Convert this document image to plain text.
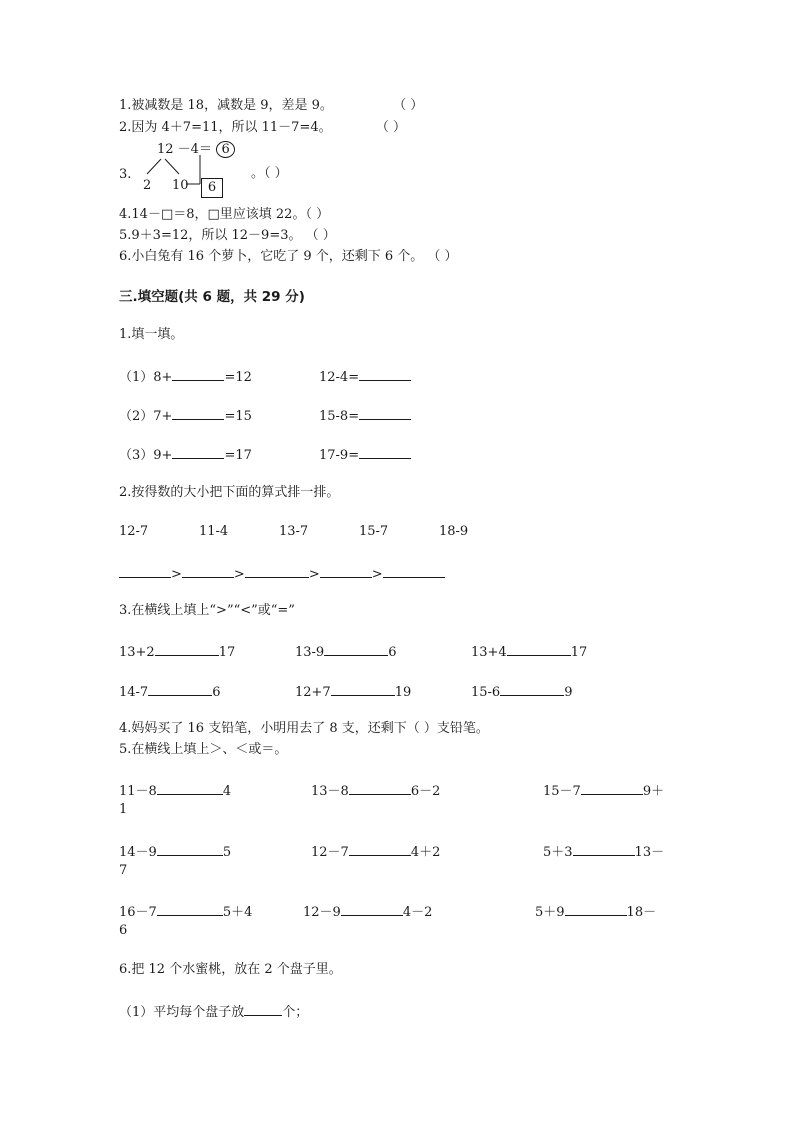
1.被减数是 18，减数是 9，差是 9。	（ ）
2.因为 4＋7=11，所以 11－7=4。	（ ）
12 －4＝ 6
3.
2 10	6
。（ ）
4.14－□＝8，□里应该填 22。（ ）
5.9＋3=12，所以 12－9=3。 （ ）
6.小白兔有 16 个萝卜，它吃了 9 个，还剩下 6 个。 （ ）
三.填空题(共 6 题，共 29 分)
1.填一填。
（1）8+	=12	12-4=
（2）7+	=15	15-8=
（3）9+	=17	17-9=
2.按得数的大小把下面的算式排一排。
12-7	11-4	13-7	15-7	18-9
>	>	>	>
3.在横线上填上“>”“<”或“=”
13+2	17	13-9	6	13+4	17
14-7	6	12+7	19	15-6	9
4.妈妈买了 16 支铅笔，小明用去了 8 支，还剩下（ ）支铅笔。
5.在横线上填上＞、＜或＝。
11－8	4	13－8	6－2	15－7	9＋
1
14－9	5	12－7	4＋2	5＋3	13－
7
16－7	5＋4	12－9	4－2	5＋9	18－
6
6.把 12 个水蜜桃，放在 2 个盘子里。
（1）平均每个盘子放	个；
